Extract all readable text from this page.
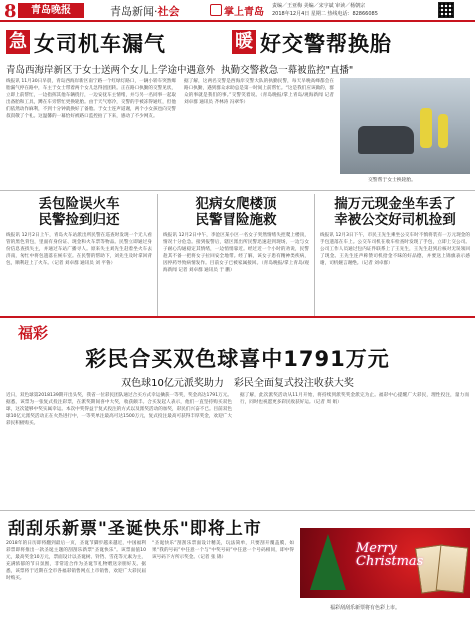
8	青岛晚报	青岛新闻·社会	掌上青岛
责编／王亚梅 美编／宋宇斌 审读／杨朝宗
2018年12月4日 星期二 热线电话：82866085
急 女司机车漏气	暖 好交警帮换胎
青岛西海岸新区于女士送两个女儿上学途中遇意外 执勤交警救急一幕被监控"直播"
线报讯 11月30日早晨，青岛西海岸新区南宁路一个红绿灯路口，一辆小轿车突然爆胎漏气停在路中，车主于女士带着两个女儿急得团团转。正在路口执勤的交警见状，立即上前帮忙，一边指挥其他车辆绕行，一边安抚车主情绪，并与另一名同事一起取出备胎和工具，蹲在车旁帮忙更换轮胎。由于天气寒冷，交警的手被冻得通红，但他们依然动作麻利，不到十分钟就换好了备胎。于女士连声道谢，两个小女孩也向交警叔叔敬了个礼。这温馨的一幕恰好被路口监控拍了下来，感动了不少网友。
据了解，这两名交警是西海岸交警大队的执勤民警，每天早晚高峰都会在路口执勤，遇到群众求助总是第一时间上前帮忙。“这是我们应该做的，群众的事就是我们的事。”交警笑着说。（青岛晚报/掌上青岛/观海新闻 记者 刘卓群 通讯员 齐林涛 冯翠华）
交警帮于女士换轮胎。
丢包险误火车
民警捡到归还
线报讯 12月2日上午，青岛火车站派出所民警在巡查时发现一个无人看管的黑色背包，里面有身份证、现金和火车票等物品。民警立即通过身份信息查找失主，并通过车站广播寻人。原来失主刘先生赶着坐火车去济南，匆忙中将包遗落在候车室。在民警的帮助下，刘先生及时拿回背包，顺利赶上了火车。（记者 刘卓群 通讯员 刘 平鲁）
犯病女爬楼顶
民警冒险施救
线报讯 12月2日中午，李沧区某小区一名女子突然情绪失控爬上楼顶，情况十分危急。接到报警后，辖区派出所民警迅速赶到现场，一边与女子耐心沟通稳定其情绪，一边悄悄靠近。经过近一个小时的劝说，民警趁其不备一把将女子拉回安全地带。经了解，该女子患有精神类疾病，因停药导致病情发作。目前女子已被家属接回。（青岛晚报/掌上青岛/观海新闻 记者 刘卓群 通讯员 于 鹏）
揣万元现金坐车丢了
幸被公交好司机捡到
线报讯 12月3日下午，市民王先生乘坐公交车时不慎将装有一万元现金的手包遗落在车上。公交车司机在收车检查时发现了手包，立即上交公司。公司工作人员通过包内证件联系上了王先生，王先生赶到后核对无误领回了现金。王先生连声称赞司机拾金不昧的好品德，并要送上锦旗表示感谢，司机婉言谢绝。（记者 刘卓群）
福彩
彩民合买双色球喜中1791万元
双色球10亿元派奖助力　彩民全面复式投注收获大奖
近日，双色球第2018139期开出头奖，我省一位彩民团队通过合买方式幸运擒获一等奖，奖金高达1791万元。据悉，该票为一张复式投注彩票，在派奖期间喜中大奖，收获颇丰。合买发起人表示，他们一直坚持购买双色球，这次能够中奖实属幸运。本次中奖得益于复式投注的方式以及派奖活动的加奖，彩民们兴奋不已。目前双色球10亿元派奖活动正在火热进行中，一等奖单注最高可达1500万元，复式投注最高可获得丰厚奖金，欢迎广大彩民积极购买。
据了解，此次派奖活动从11月开始，将持续到派奖奖金派完为止。福彩中心提醒广大彩民，理性投注，量力而行，同时也祝愿更多彩民收获好运。（记者 周 娟）
刮刮乐新票"圣诞快乐"即将上市
2018年的日历即将翻到最后一页，圣诞节脚步越来越近，中国福利彩票即将推出一款圣诞主题的刮刮乐新票“圣诞快乐”。该票面值10元，最高奖金10万元，票面设计以圣诞树、铃铛、雪花等元素为主，充满浓郁的节日氛围，非常适合作为圣诞节礼物赠送亲朋好友。据悉，该票将于近期在全市各福彩销售网点上市销售，欢迎广大彩民届时购买。
“圣诞快乐”刮刮乐票面设计精美，玩法简单，只要刮开覆盖膜，如果“我的号码”中任意一个与“中奖号码”中任意一个号码相同，即中得该号码下方所示奖金。（记者 张 锦）
Merry
Christmas
福彩刮刮乐新票将有色彩上市。
